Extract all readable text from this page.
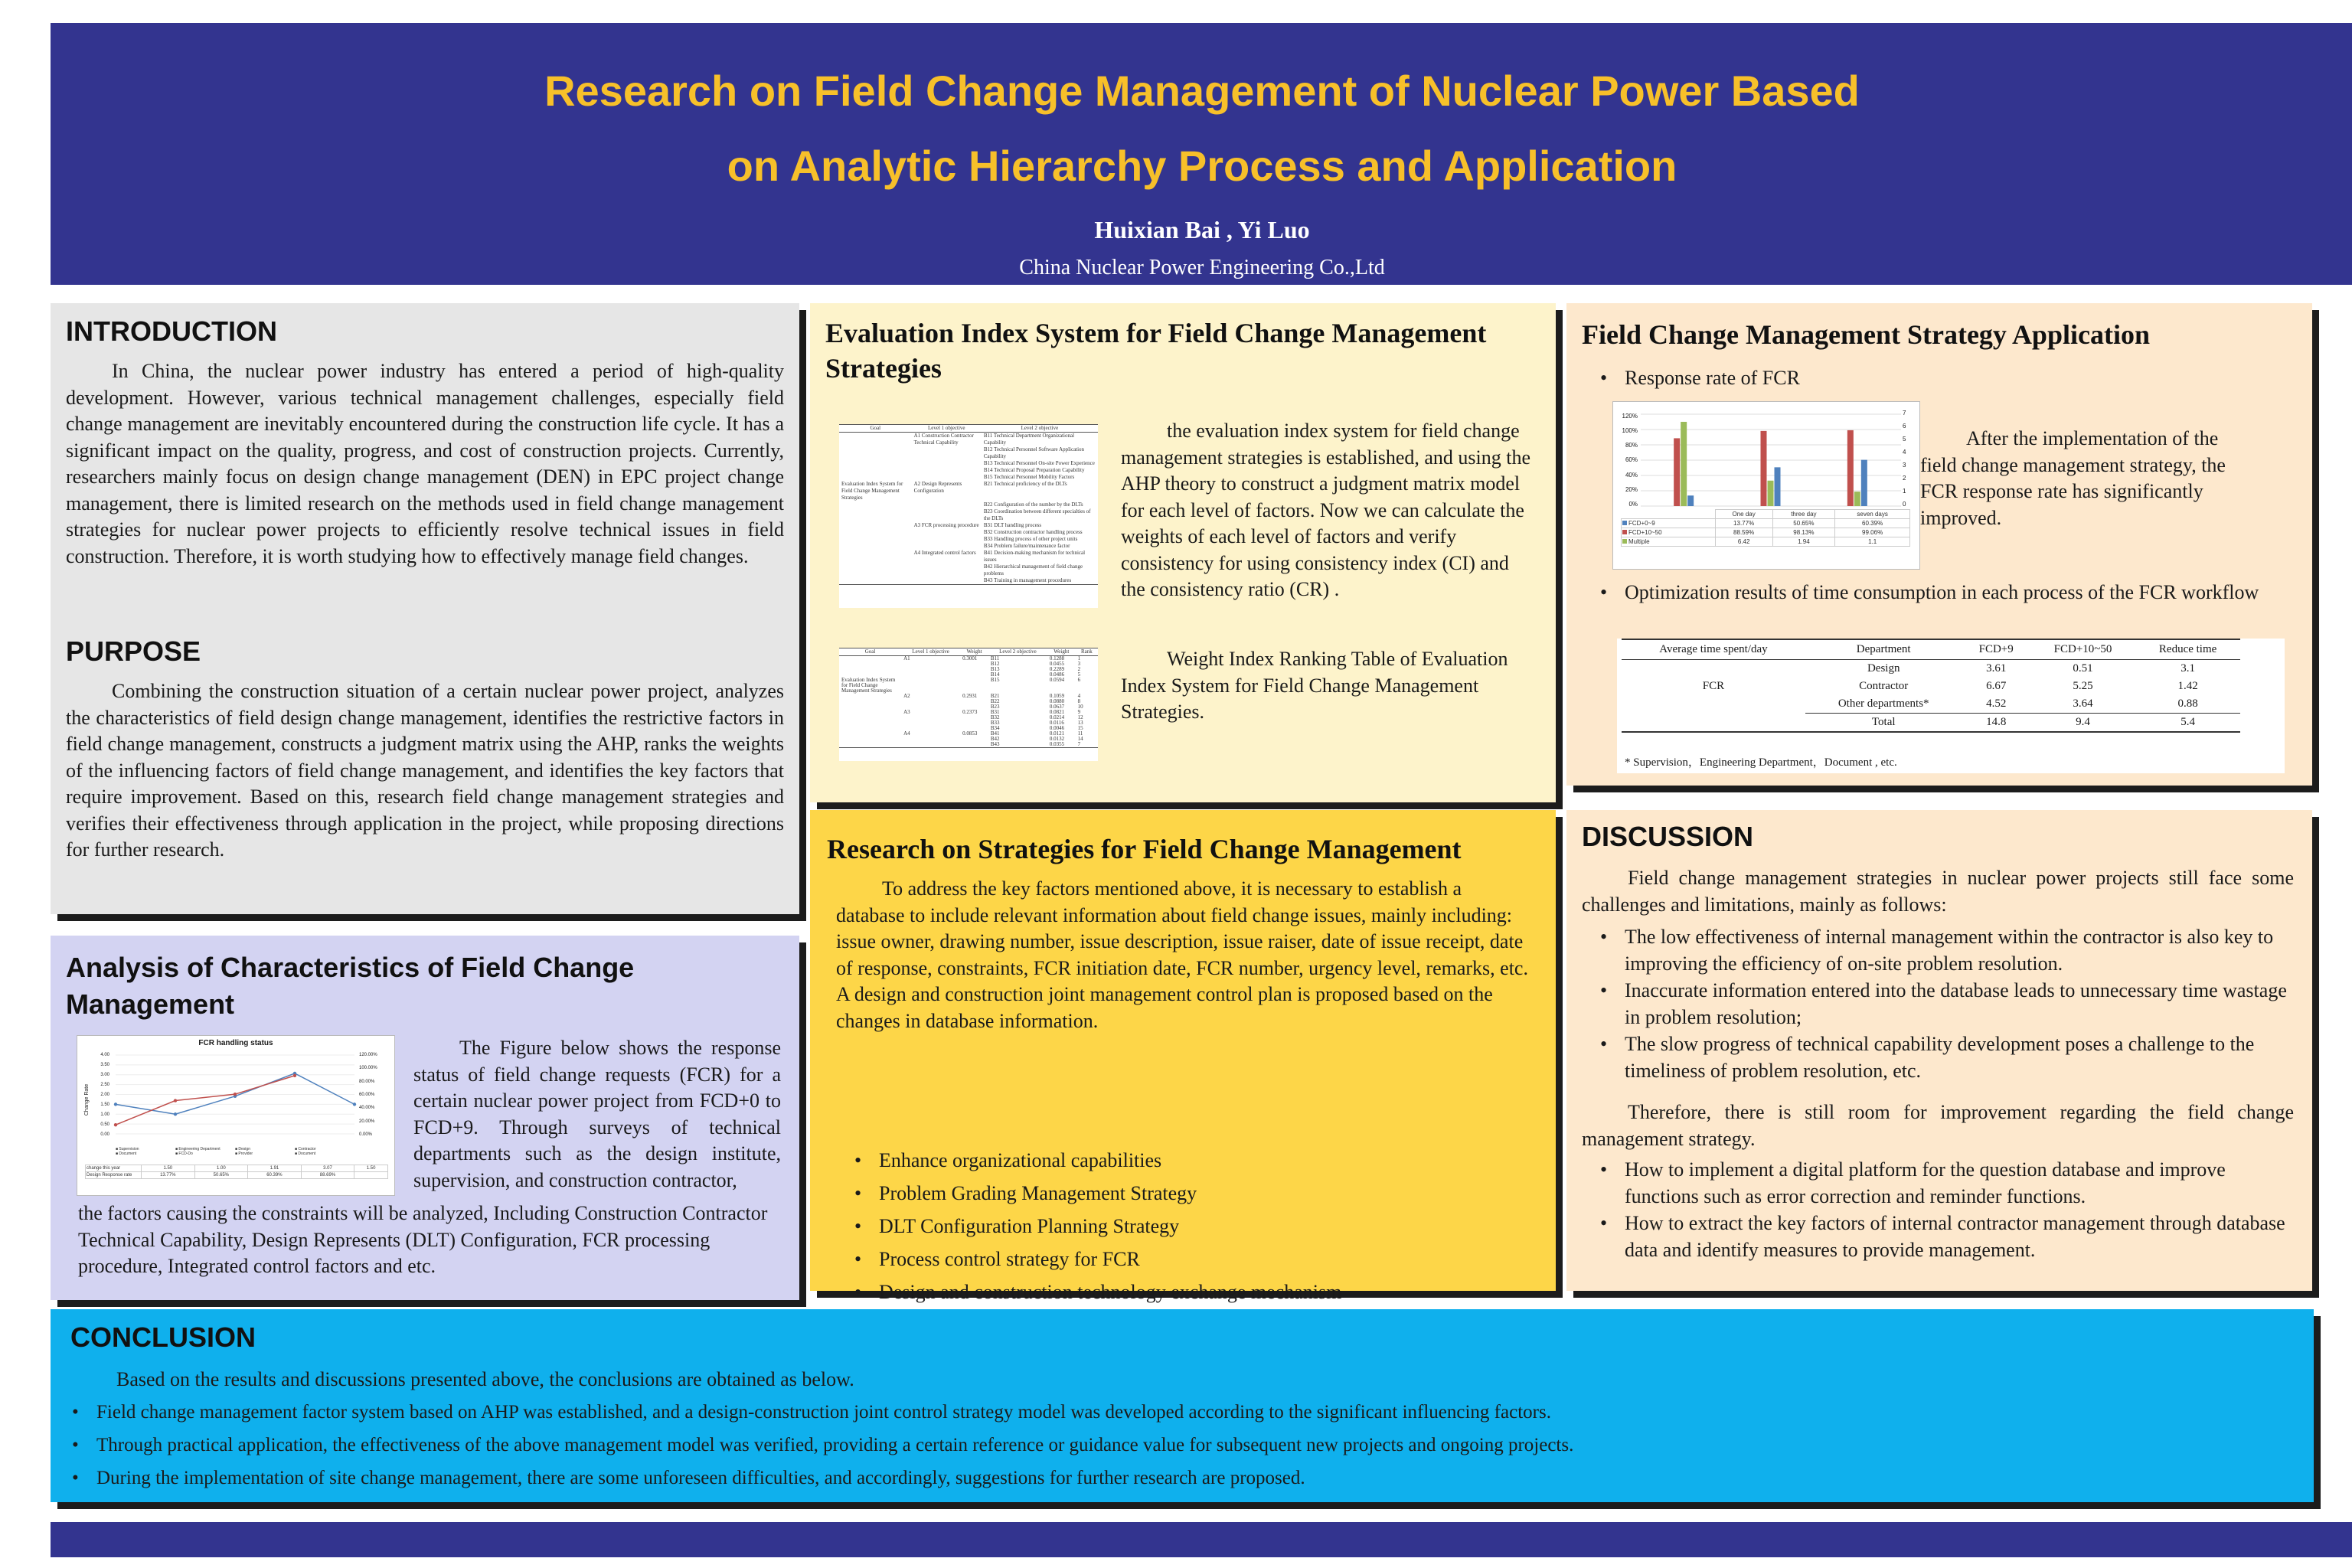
Research on Field Change Management of Nuclear Power Based
on Analytic Hierarchy Process and Application
Huixian Bai , Yi Luo
China Nuclear Power Engineering Co.,Ltd
INTRODUCTION

In China, the nuclear power industry has entered a period of high-quality development. However, various technical management challenges, especially field change management are inevitably encountered during the construction life cycle. It has a significant impact on the quality, progress, and cost of construction projects. Currently, researchers mainly focus on design change management (DEN) in EPC project change management, there is limited research on the methods used in field change management strategies for nuclear power projects to efficiently resolve technical issues in field construction. Therefore, it is worth studying how to effectively manage field changes.

PURPOSE

Combining the construction situation of a certain nuclear power project, analyzes the characteristics of field design change management, identifies the restrictive factors in field change management, constructs a judgment matrix using the AHP, ranks the weights of the influencing factors of field change management, and identifies the key factors that require improvement. Based on this, research field change management strategies and verifies their effectiveness through application in the project, while proposing directions for further research.

Analysis of Characteristics of Field Change Management
FCR handling status
Change Rate
4.00
3.50
3.00
2.50
2.00
1.50
1.00
0.50
0.00
120.00%
100.00%
80.00%
60.00%
40.00%
20.00%
0.00%
■ Supervision	■ Engineering Department	■ Design	■ Contractor
■ Document	■ FCD-Do	■ Provider	■ Document
change this year	1.50	1.00	1.91	3.07	1.50
Design Response rate	13.77%	50.65%	60.39%	88.69%	

The Figure below shows the response status of field change requests (FCR) for a certain nuclear power project from FCD+0 to FCD+9. Through surveys of technical departments such as the design institute, supervision, and construction contractor,

the factors causing the constraints will be analyzed, Including Construction Contractor Technical Capability, Design Represents (DLT) Configuration, FCR processing procedure, Integrated control factors and etc.

Evaluation Index System for Field Change Management Strategies
Goal	Level 1 objective	Level 2 objective
	A1 Construction Contractor Technical Capability	B11 Technical Department Organizational Capability
		B12 Technical Personnel Software Application Capability
		B13 Technical Personnel On-site Power Experience
		B14 Technical Proposal Preparation Capability
		B15 Technical Personnel Mobility Factors
Evaluation Index System for Field Change Management Strategies	A2 Design Represents Configuration	B21 Technical proficiency of the DLTs
		B22 Configuration of the number by the DLTs
		B23 Coordination between different specialties of the DLTs
	A3 FCR processing procedure	B31 DLT handling process
		B32 Construction contractor handling process
		B33 Handling process of other project units
		B34 Problem failure/maintenance factor
	A4 Integrated control factors	B41 Decision-making mechanism for technical issues
		B42 Hierarchical management of field change problems
		B43 Training in management procedures

the evaluation index system for field change management strategies is established, and using the AHP theory to construct a judgment matrix model for each level of factors. Now we can calculate the weights of each level of factors and verify consistency for using consistency index (CI) and the consistency ratio (CR) .

Goal	Level 1 objective	Weight	Level 2 objective	Weight	Rank
	A1	0.3001	B11	0.1288	1
			B12	0.0455	3
			B13	0.2289	2
			B14	0.0486	5
Evaluation Index System for Field Change Management Strategies			B15	0.0594	6
	A2	0.2931	B21	0.1059	4
			B22	0.0880	8
			B23	0.0637	10
	A3	0.2373	B31	0.0821	9
			B32	0.0214	12
			B33	0.0116	13
			B34	0.0046	15
	A4	0.0853	B41	0.0121	11
			B42	0.0132	14
			B43	0.0355	7

Weight Index Ranking Table of Evaluation Index System for Field Change Management Strategies.

Research on Strategies for Field Change Management

To address the key factors mentioned above, it is necessary to establish a database to include relevant information about field change issues, mainly including: issue owner, drawing number, issue description, issue raiser, date of issue receipt, date of response, constraints, FCR initiation date, FCR number, urgency level, remarks, etc. A design and construction joint management control plan is proposed based on the changes in database information.

• Enhance organizational capabilities
• Problem Grading Management Strategy
• DLT Configuration Planning Strategy
• Process control strategy for FCR
• Design and construction technology exchange mechanism
Field Change Management Strategy Application
• Response rate of FCR
120%
100%
80%
60%
40%
20%
0%
7
6
5
4
3
2
1
0
	One day	three day	seven days
FCD+0~9	13.77%	50.65%	60.39%
FCD+10~50	88.59%	98.13%	99.06%
Multiple	6.42	1.94	1.1

After the implementation of the field change management strategy, the FCR response rate has significantly improved.

• Optimization results of time consumption in each process of the FCR workflow
Average time spent/day	Department	FCD+9	FCD+10~50	Reduce time
FCR	Design	3.61	0.51	3.1
	Contractor	6.67	5.25	1.42
	Other departments*	4.52	3.64	0.88
	Total	14.8	9.4	5.4
* Supervision，Engineering Department，Document , etc.
DISCUSSION

Field change management strategies in nuclear power projects still face some challenges and limitations, mainly as follows:

• The low effectiveness of internal management within the contractor is also key to improving the efficiency of on-site problem resolution.
• Inaccurate information entered into the database leads to unnecessary time wastage in problem resolution;
• The slow progress of technical capability development poses a challenge to the timeliness of problem resolution, etc.

Therefore, there is still room for improvement regarding the field change management strategy.

• How to implement a digital platform for the question database and improve functions such as error correction and reminder functions.
• How to extract the key factors of internal contractor management through database data and identify measures to provide management.
CONCLUSION

Based on the results and discussions presented above, the conclusions are obtained as below.

• Field change management factor system based on AHP was established, and a design-construction joint control strategy model was developed according to the significant influencing factors.
• Through practical application, the effectiveness of the above management model was verified, providing a certain reference or guidance value for subsequent new projects and ongoing projects.
• During the implementation of site change management, there are some unforeseen difficulties, and accordingly, suggestions for further research are proposed.
